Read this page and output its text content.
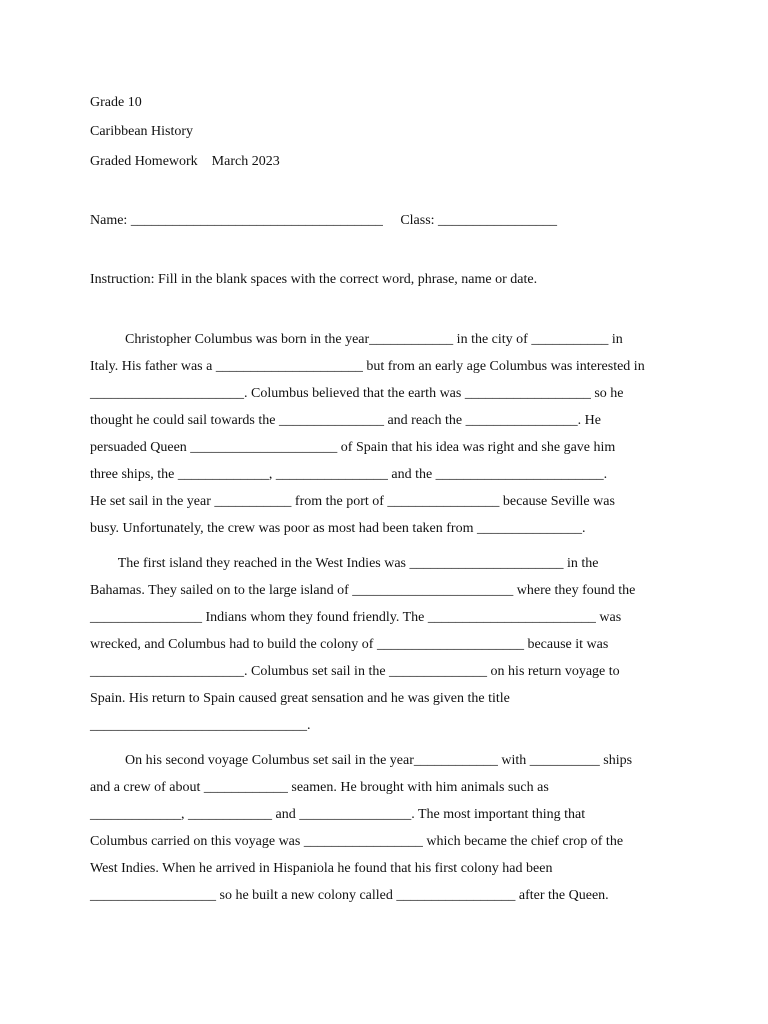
Grade 10
Caribbean History
Graded Homework    March 2023
Name: ____________________________________     Class: _________________
Instruction: Fill in the blank spaces with the correct word, phrase, name or date.
Christopher Columbus was born in the year____________ in the city of ___________ in
Italy. His father was a _____________________ but from an early age Columbus was interested in
______________________. Columbus believed that the earth was __________________ so he
thought he could sail towards the _______________ and reach the ________________. He
persuaded Queen _____________________ of Spain that his idea was right and she gave him
three ships, the _____________, ________________ and the ________________________.
He set sail in the year ___________ from the port of ________________ because Seville was
busy. Unfortunately, the crew was poor as most had been taken from _______________.
The first island they reached in the West Indies was ______________________ in the
Bahamas. They sailed on to the large island of _______________________ where they found the
________________ Indians whom they found friendly. The ________________________ was
wrecked, and Columbus had to build the colony of _____________________ because it was
______________________. Columbus set sail in the ______________ on his return voyage to
Spain. His return to Spain caused great sensation and he was given the title
_______________________________.
On his second voyage Columbus set sail in the year____________ with __________ ships
and a crew of about ____________ seamen. He brought with him animals such as
_____________, ____________ and ________________. The most important thing that
Columbus carried on this voyage was _________________ which became the chief crop of the
West Indies. When he arrived in Hispaniola he found that his first colony had been
__________________ so he built a new colony called _________________ after the Queen.
